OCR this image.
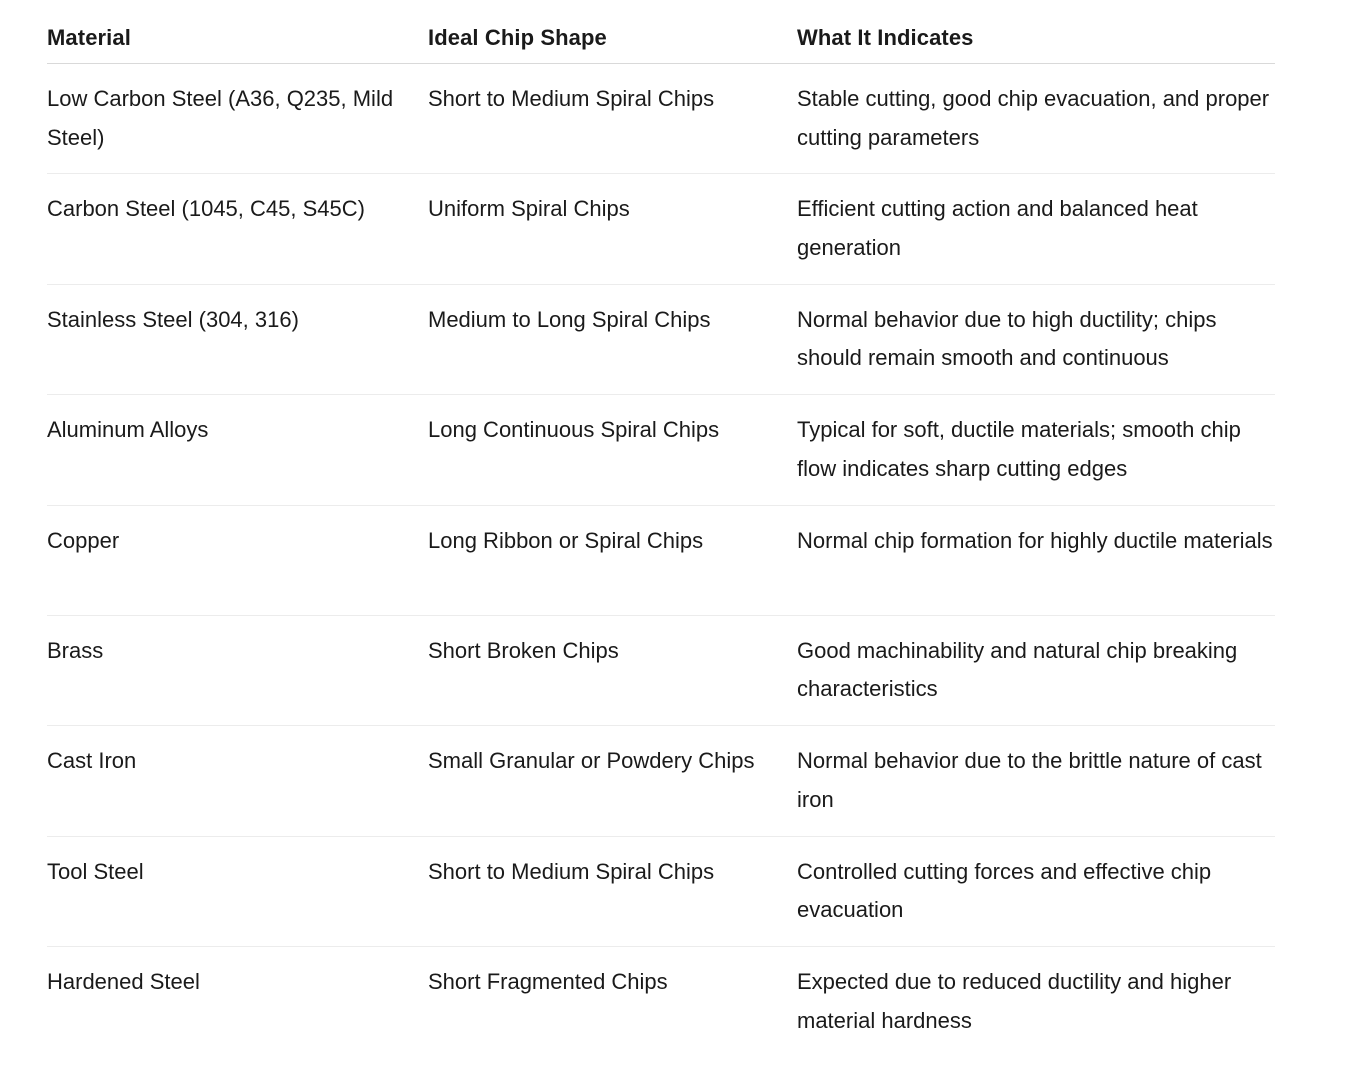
Material	Ideal Chip Shape	What It Indicates
Low Carbon Steel (A36, Q235, Mild Steel)	Short to Medium Spiral Chips	Stable cutting, good chip evacuation, and proper cutting parameters
Carbon Steel (1045, C45, S45C)	Uniform Spiral Chips	Efficient cutting action and balanced heat generation
Stainless Steel (304, 316)	Medium to Long Spiral Chips	Normal behavior due to high ductility; chips should remain smooth and continuous
Aluminum Alloys	Long Continuous Spiral Chips	Typical for soft, ductile materials; smooth chip flow indicates sharp cutting edges
Copper	Long Ribbon or Spiral Chips	Normal chip formation for highly ductile materials
Brass	Short Broken Chips	Good machinability and natural chip breaking characteristics
Cast Iron	Small Granular or Powdery Chips	Normal behavior due to the brittle nature of cast iron
Tool Steel	Short to Medium Spiral Chips	Controlled cutting forces and effective chip evacuation
Hardened Steel	Short Fragmented Chips	Expected due to reduced ductility and higher material hardness
